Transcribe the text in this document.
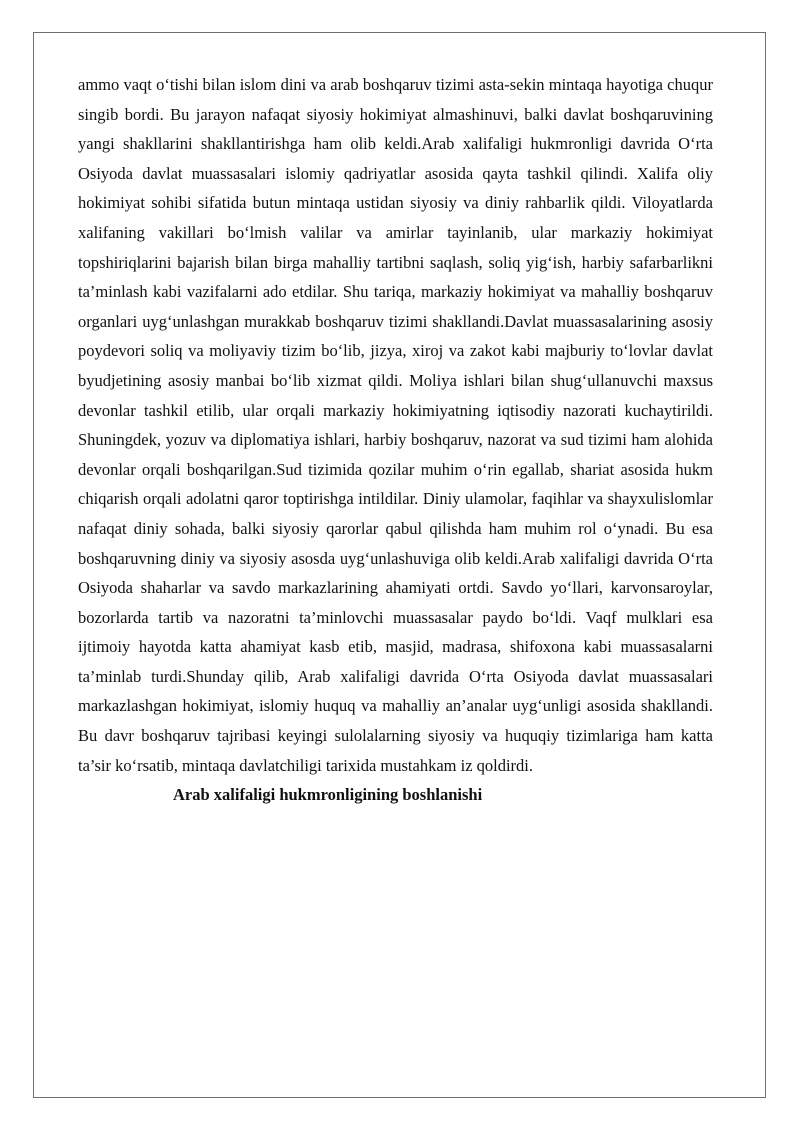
ammo vaqt o‘tishi bilan islom dini va arab boshqaruv tizimi asta-sekin mintaqa hayotiga chuqur singib bordi. Bu jarayon nafaqat siyosiy hokimiyat almashinuvi, balki davlat boshqaruvining yangi shakllarini shakllantirishga ham olib keldi.Arab xalifaligi hukmronligi davrida O‘rta Osiyoda davlat muassasalari islomiy qadriyatlar asosida qayta tashkil qilindi. Xalifa oliy hokimiyat sohibi sifatida butun mintaqa ustidan siyosiy va diniy rahbarlik qildi. Viloyatlarda xalifaning vakillari bo‘lmish valilar va amirlar tayinlanib, ular markaziy hokimiyat topshiriqlarini bajarish bilan birga mahalliy tartibni saqlash, soliq yig‘ish, harbiy safarbarlikni ta’minlash kabi vazifalarni ado etdilar. Shu tariqa, markaziy hokimiyat va mahalliy boshqaruv organlari uyg‘unlashgan murakkab boshqaruv tizimi shakllandi.Davlat muassasalarining asosiy poydevori soliq va moliyaviy tizim bo‘lib, jizya, xiroj va zakot kabi majburiy to‘lovlar davlat byudjetining asosiy manbai bo‘lib xizmat qildi. Moliya ishlari bilan shug‘ullanuvchi maxsus devonlar tashkil etilib, ular orqali markaziy hokimiyatning iqtisodiy nazorati kuchaytirildi. Shuningdek, yozuv va diplomatiya ishlari, harbiy boshqaruv, nazorat va sud tizimi ham alohida devonlar orqali boshqarilgan.Sud tizimida qozilar muhim o‘rin egallab, shariat asosida hukm chiqarish orqali adolatni qaror toptirishga intildilar. Diniy ulamolar, faqihlar va shayxulislomlar nafaqat diniy sohada, balki siyosiy qarorlar qabul qilishda ham muhim rol o‘ynadi. Bu esa boshqaruvning diniy va siyosiy asosda uyg‘unlashuviga olib keldi.Arab xalifaligi davrida O‘rta Osiyoda shaharlar va savdo markazlarining ahamiyati ortdi. Savdo yo‘llari, karvonsaroylar, bozorlarda tartib va nazoratni ta’minlovchi muassasalar paydo bo‘ldi. Vaqf mulklari esa ijtimoiy hayotda katta ahamiyat kasb etib, masjid, madrasa, shifoxona kabi muassasalarni ta’minlab turdi.Shunday qilib, Arab xalifaligi davrida O‘rta Osiyoda davlat muassasalari markazlashgan hokimiyat, islomiy huquq va mahalliy an’analar uyg‘unligi asosida shakllandi. Bu davr boshqaruv tajribasi keyingi sulolalarning siyosiy va huquqiy tizimlariga ham katta ta’sir ko‘rsatib, mintaqa davlatchiligi tarixida mustahkam iz qoldirdi.

Arab xalifaligi hukmronligining boshlanishi
